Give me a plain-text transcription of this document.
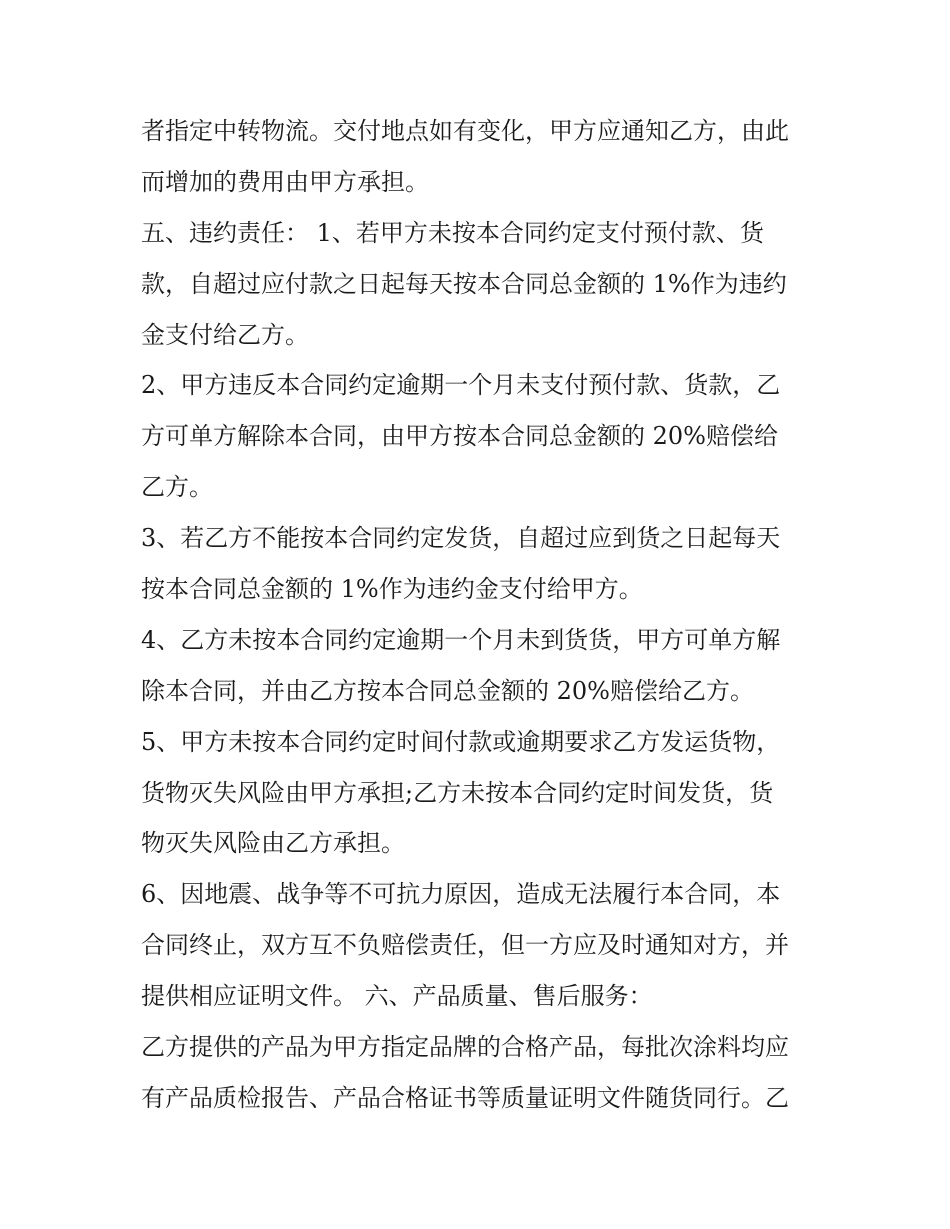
者指定中转物流。交付地点如有变化，甲方应通知乙方，由此
而增加的费用由甲方承担。
五、违约责任： 1、若甲方未按本合同约定支付预付款、货
款，自超过应付款之日起每天按本合同总金额的 1%作为违约
金支付给乙方。
2、甲方违反本合同约定逾期一个月未支付预付款、货款，乙
方可单方解除本合同，由甲方按本合同总金额的 20%赔偿给
乙方。
3、若乙方不能按本合同约定发货，自超过应到货之日起每天
按本合同总金额的 1%作为违约金支付给甲方。
4、乙方未按本合同约定逾期一个月未到货货，甲方可单方解
除本合同，并由乙方按本合同总金额的 20%赔偿给乙方。
5、甲方未按本合同约定时间付款或逾期要求乙方发运货物，
货物灭失风险由甲方承担;乙方未按本合同约定时间发货，货
物灭失风险由乙方承担。
6、因地震、战争等不可抗力原因，造成无法履行本合同，本
合同终止，双方互不负赔偿责任，但一方应及时通知对方，并
提供相应证明文件。 六、产品质量、售后服务：
乙方提供的产品为甲方指定品牌的合格产品，每批次涂料均应
有产品质检报告、产品合格证书等质量证明文件随货同行。乙
